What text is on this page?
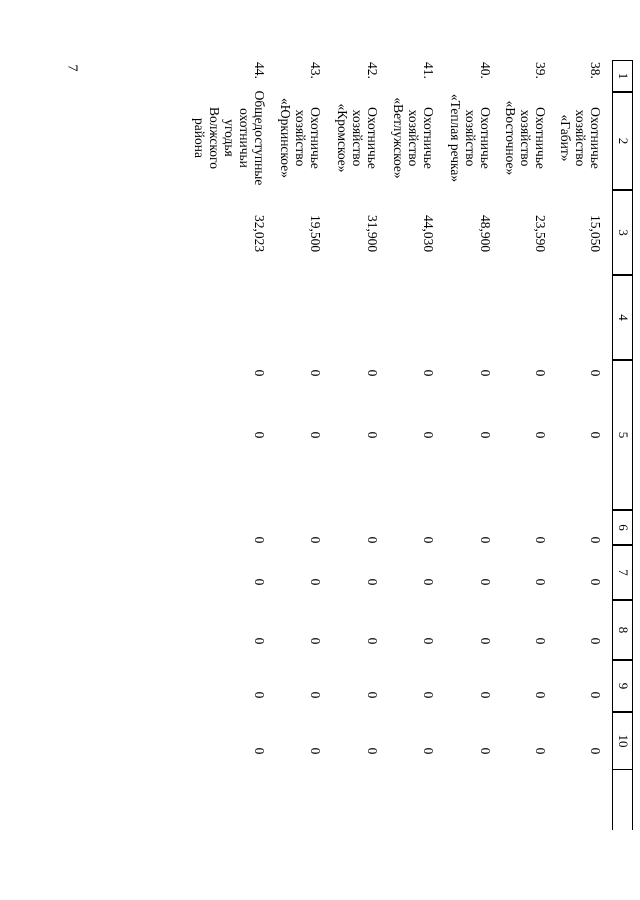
7
1
2
3
4
5
6
7
8
9
10
38.
Охотничье хозяйство «Габит»
15,050
0
0
0
0
0
0
0
39.
Охотничье хозяйство «Восточное»
23,590
0
0
0
0
0
0
0
40.
Охотничье хозяйство «Теплая речка»
48,900
0
0
0
0
0
0
0
41.
Охотничье хозяйство «Ветлужское»
44,030
0
0
0
0
0
0
0
42.
Охотничье хозяйство «Кромское»
31,900
0
0
0
0
0
0
0
43.
Охотничье хозяйство «Юркинское»
19,500
0
0
0
0
0
0
0
44.
Общедоступные охотничьи угодья Волжского района
32,023
0
0
0
0
0
0
0
